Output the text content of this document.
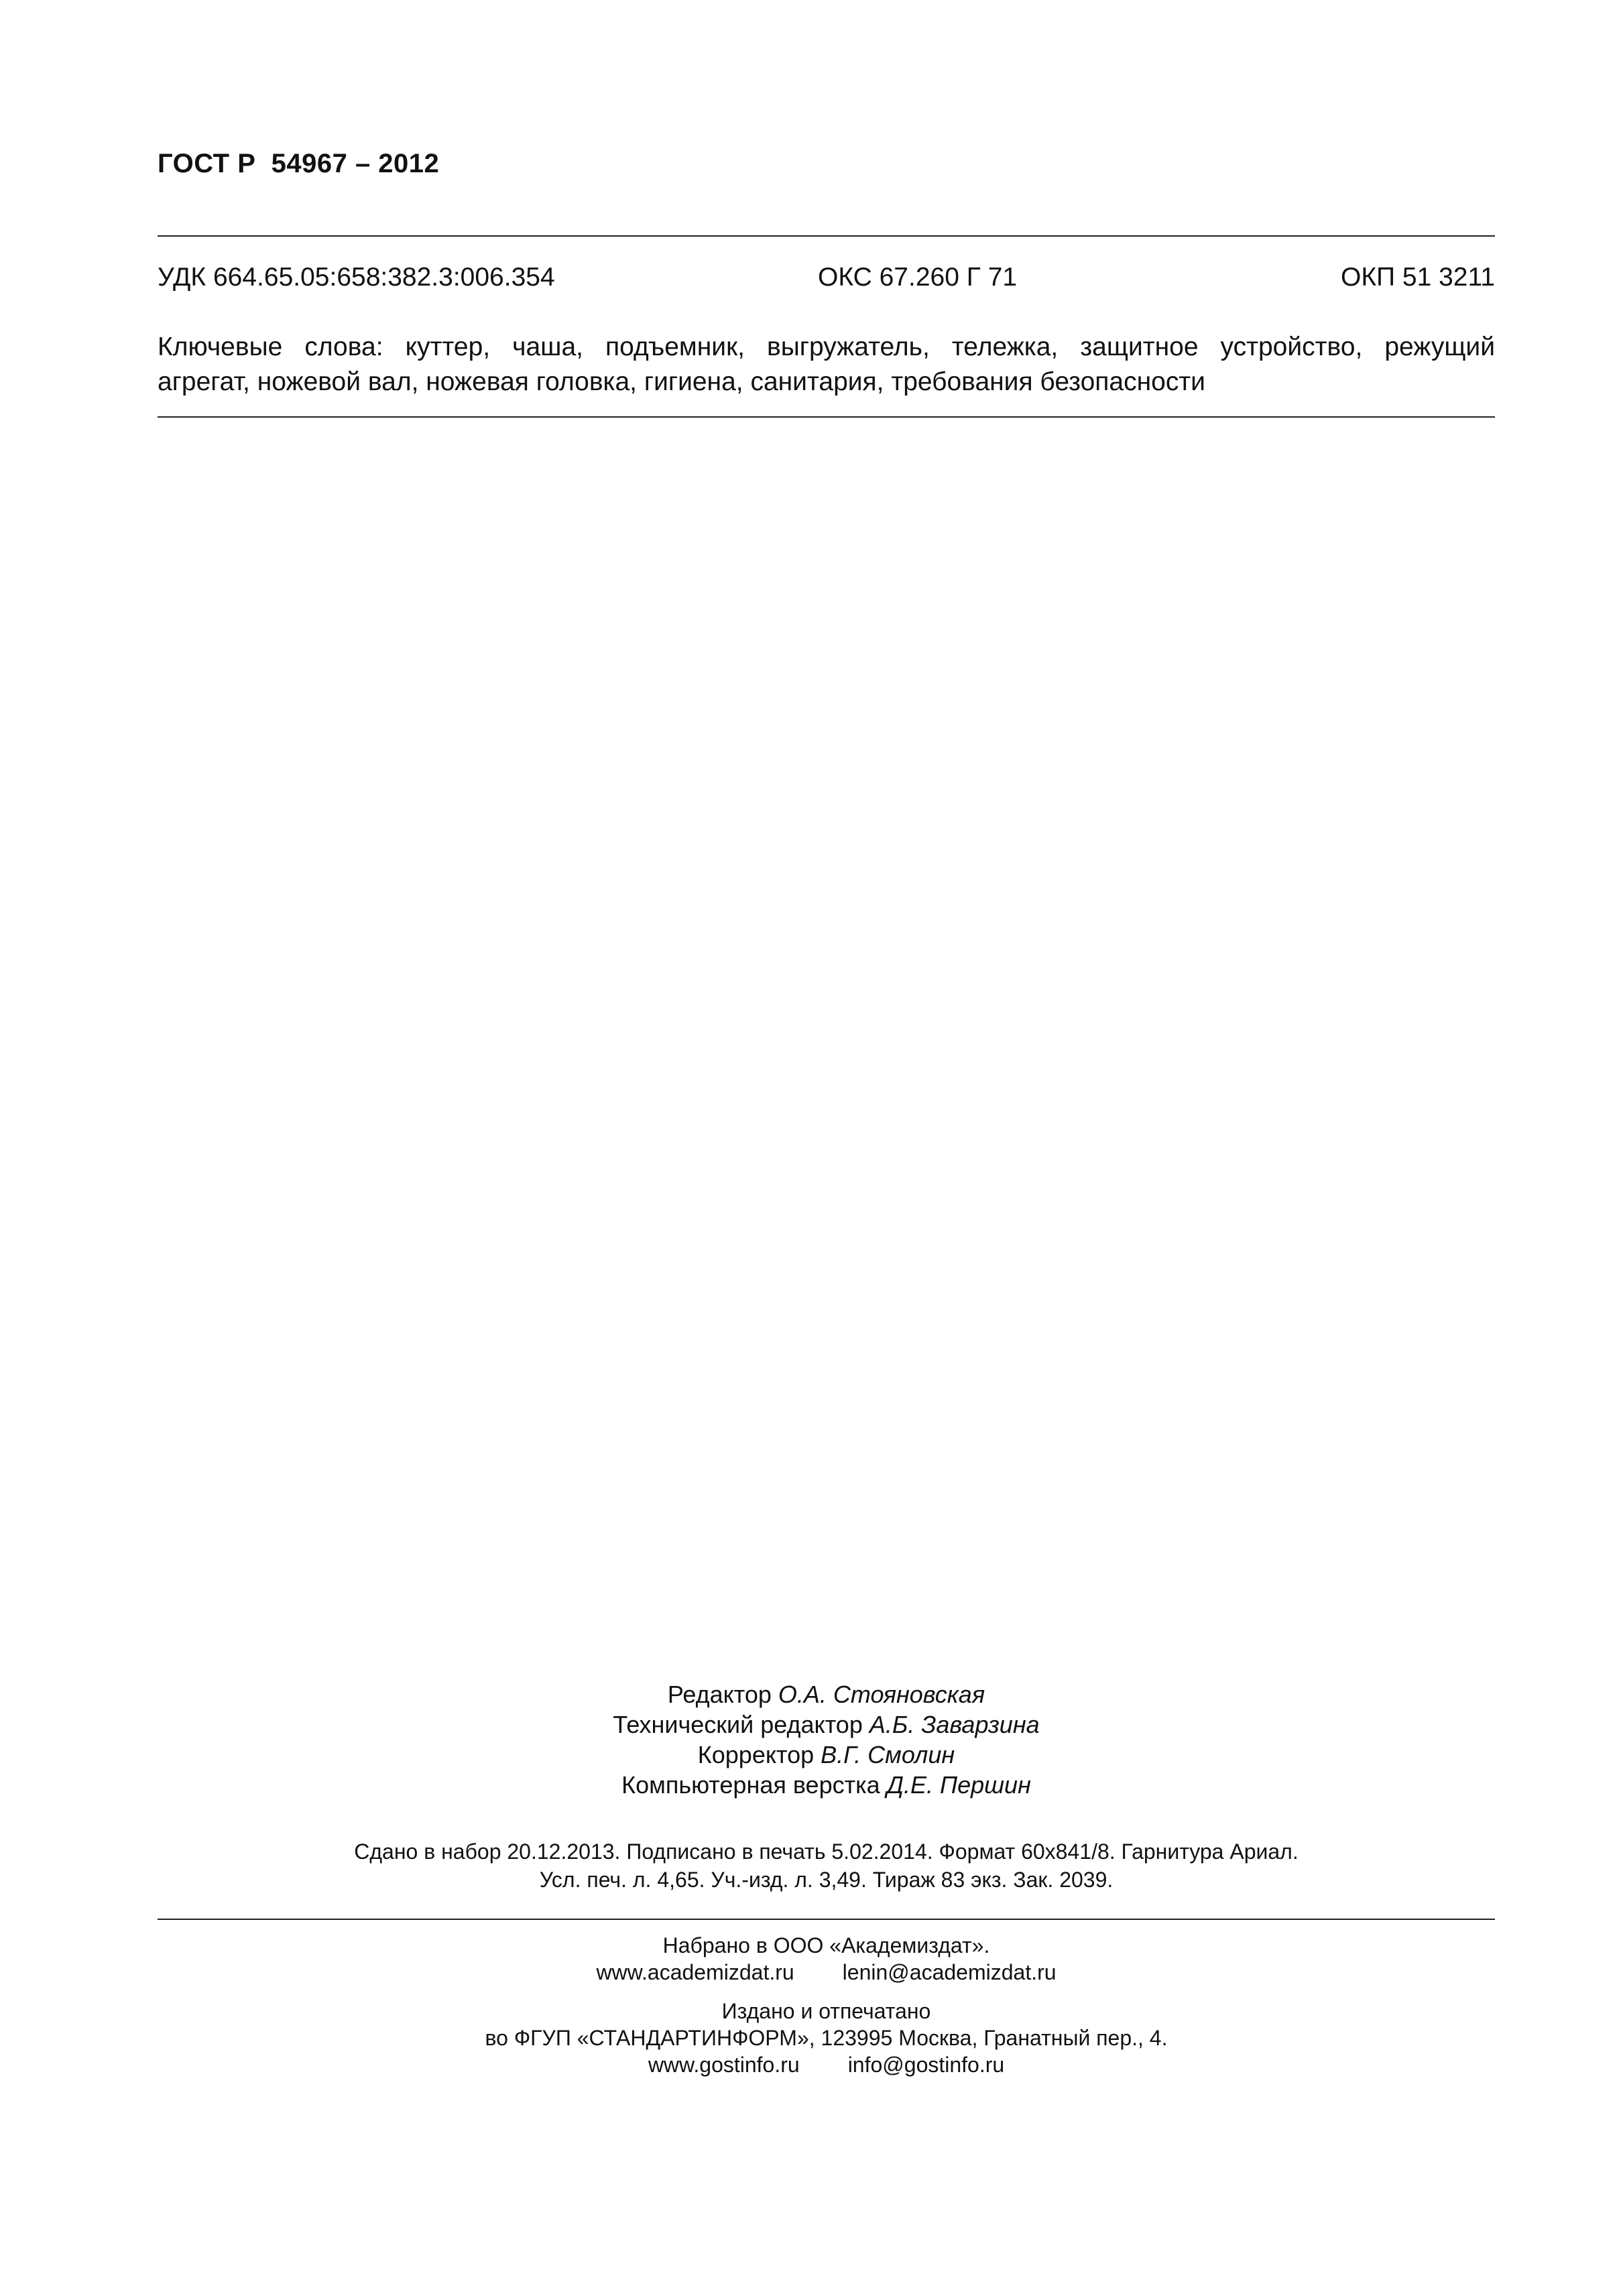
ГОСТ Р  54967 – 2012
УДК 664.65.05:658:382.3:006.354	ОКС 67.260 Г 71	ОКП 51 3211
Ключевые слова: куттер, чаша, подъемник, выгружатель, тележка, защитное устройство, режущий
агрегат, ножевой вал, ножевая головка, гигиена, санитария, требования безопасности
Редактор О.А. Стояновская
Технический редактор А.Б. Заварзина
Корректор В.Г. Смолин
Компьютерная верстка Д.Е. Першин
Сдано в набор 20.12.2013. Подписано в печать 5.02.2014. Формат 60х841/8. Гарнитура Ариал.
Усл. печ. л. 4,65. Уч.-изд. л. 3,49. Тираж 83 экз. Зак. 2039.
Набрано в ООО «Академиздат».
www.academizdat.ru lenin@academizdat.ru
Издано и отпечатано
во ФГУП «СТАНДАРТИНФОРМ», 123995 Москва, Гранатный пер., 4.
www.gostinfo.ru info@gostinfo.ru
